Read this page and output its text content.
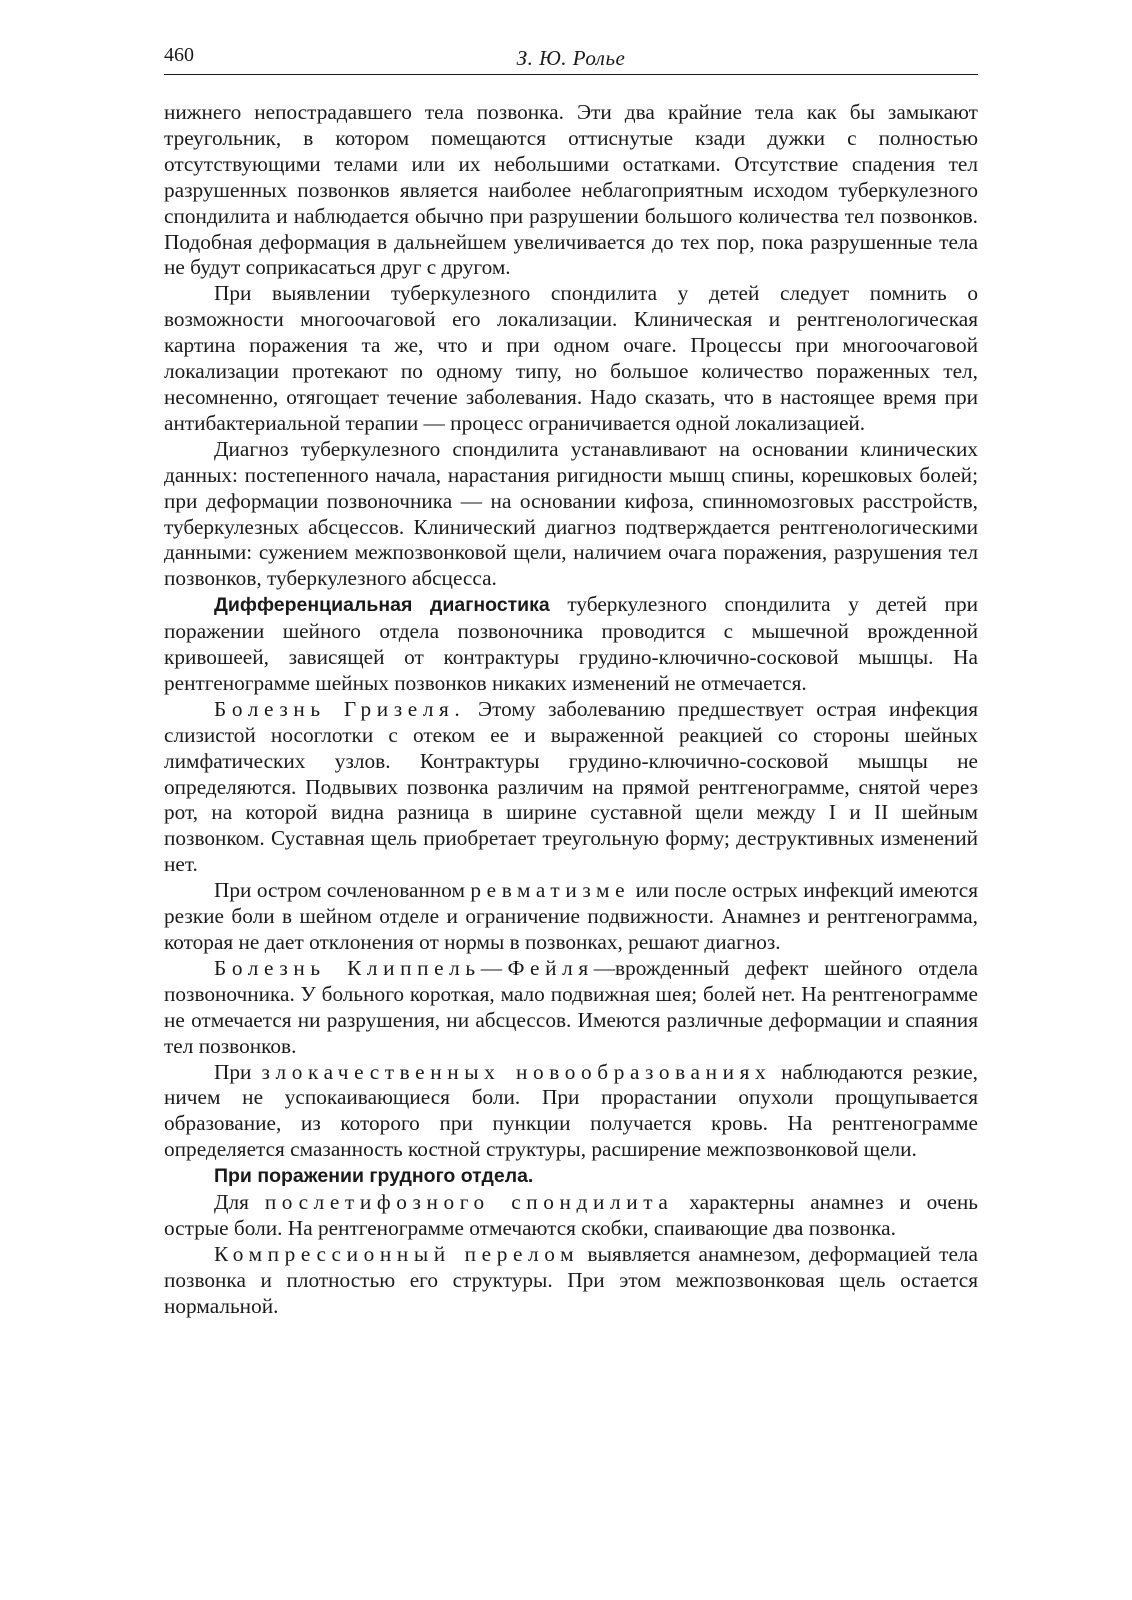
460	З. Ю. Ролье

нижнего непострадавшего тела позвонка. Эти два крайние тела как бы замыкают треугольник, в котором помещаются оттиснутые кзади дужки с полностью отсутствующими телами или их небольшими остатками. Отсутствие спадения тел разрушенных позвонков является наиболее неблагоприятным исходом туберкулезного спондилита и наблюдается обычно при разрушении большого количества тел позвонков. Подобная деформация в дальнейшем увеличивается до тех пор, пока разрушенные тела не будут соприкасаться друг с другом.

При выявлении туберкулезного спондилита у детей следует помнить о возможности многоочаговой его локализации. Клиническая и рентгенологическая картина поражения та же, что и при одном очаге. Процессы при многоочаговой локализации протекают по одному типу, но большое количество пораженных тел, несомненно, отягощает течение заболевания. Надо сказать, что в настоящее время при антибактериальной терапии — процесс ограничивается одной локализацией.

Диагноз туберкулезного спондилита устанавливают на основании клинических данных: постепенного начала, нарастания ригидности мышц спины, корешковых болей; при деформации позвоночника — на основании кифоза, спинномозговых расстройств, туберкулезных абсцессов. Клинический диагноз подтверждается рентгенологическими данными: сужением межпозвонковой щели, наличием очага поражения, разрушения тел позвонков, туберкулезного абсцесса.

Дифференциальная диагностика туберкулезного спондилита у детей при поражении шейного отдела позвоночника проводится с мышечной врожденной кривошеей, зависящей от контрактуры грудино-ключично-сосковой мышцы. На рентгенограмме шейных позвонков никаких изменений не отмечается.

Болезнь Гризеля. Этому заболеванию предшествует острая инфекция слизистой носоглотки с отеком ее и выраженной реакцией со стороны шейных лимфатических узлов. Контрактуры грудино-ключично-сосковой мышцы не определяются. Подвывих позвонка различим на прямой рентгенограмме, снятой через рот, на которой видна разница в ширине суставной щели между I и II шейным позвонком. Суставная щель приобретает треугольную форму; деструктивных изменений нет.

При остром сочленованном ревматизме или после острых инфекций имеются резкие боли в шейном отделе и ограничение подвижности. Анамнез и рентгенограмма, которая не дает отклонения от нормы в позвонках, решают диагноз.

Болезнь Клиппель—Фейля—врожденный дефект шейного отдела позвоночника. У больного короткая, мало подвижная шея; болей нет. На рентгенограмме не отмечается ни разрушения, ни абсцессов. Имеются различные деформации и спаяния тел позвонков.

При злокачественных новообразованиях наблюдаются резкие, ничем не успокаивающиеся боли. При прорастании опухоли прощупывается образование, из которого при пункции получается кровь. На рентгенограмме определяется смазанность костной структуры, расширение межпозвонковой щели.

При поражении грудного отдела.

Для послетифозного спондилита характерны анамнез и очень острые боли. На рентгенограмме отмечаются скобки, спаивающие два позвонка.

Компрессионный перелом выявляется анамнезом, деформацией тела позвонка и плотностью его структуры. При этом межпозвонковая щель остается нормальной.
